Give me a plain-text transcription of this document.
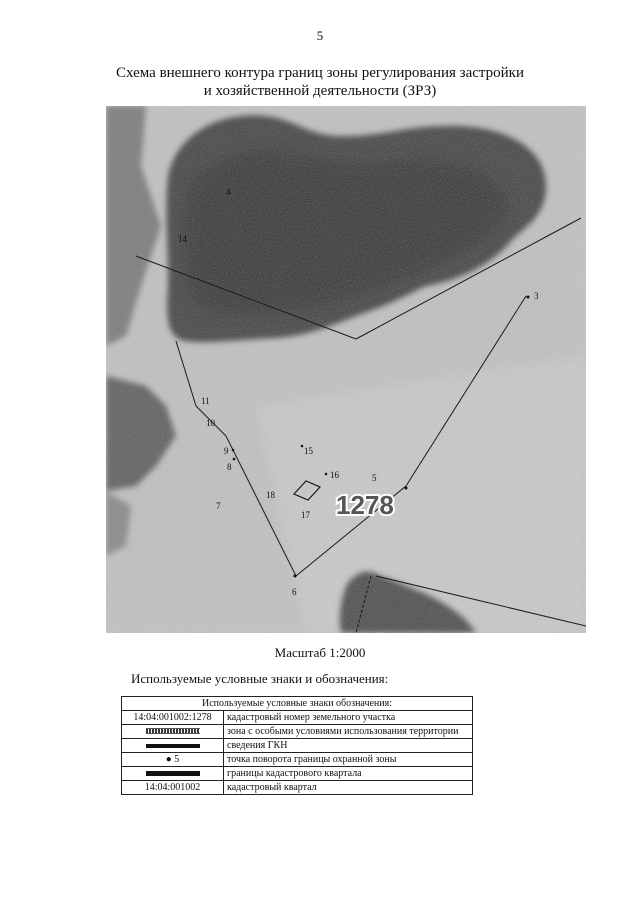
5
Схема внешнего контура границ зоны регулирования застройки
и хозяйственной деятельности (ЗРЗ)
1278
3
4
5
6
7
8
9
10
11
14
15
16
17
18
Масштаб 1:2000
Используемые условные знаки и обозначения:
Используемые условные знаки обозначения:	
14:04:001002:1278	кадастровый номер земельного участка
	зона с особыми условиями использования территории
	сведения ГКН
● 5	точка поворота границы охранной зоны
	границы кадастрового квартала
14:04:001002	кадастровый квартал
